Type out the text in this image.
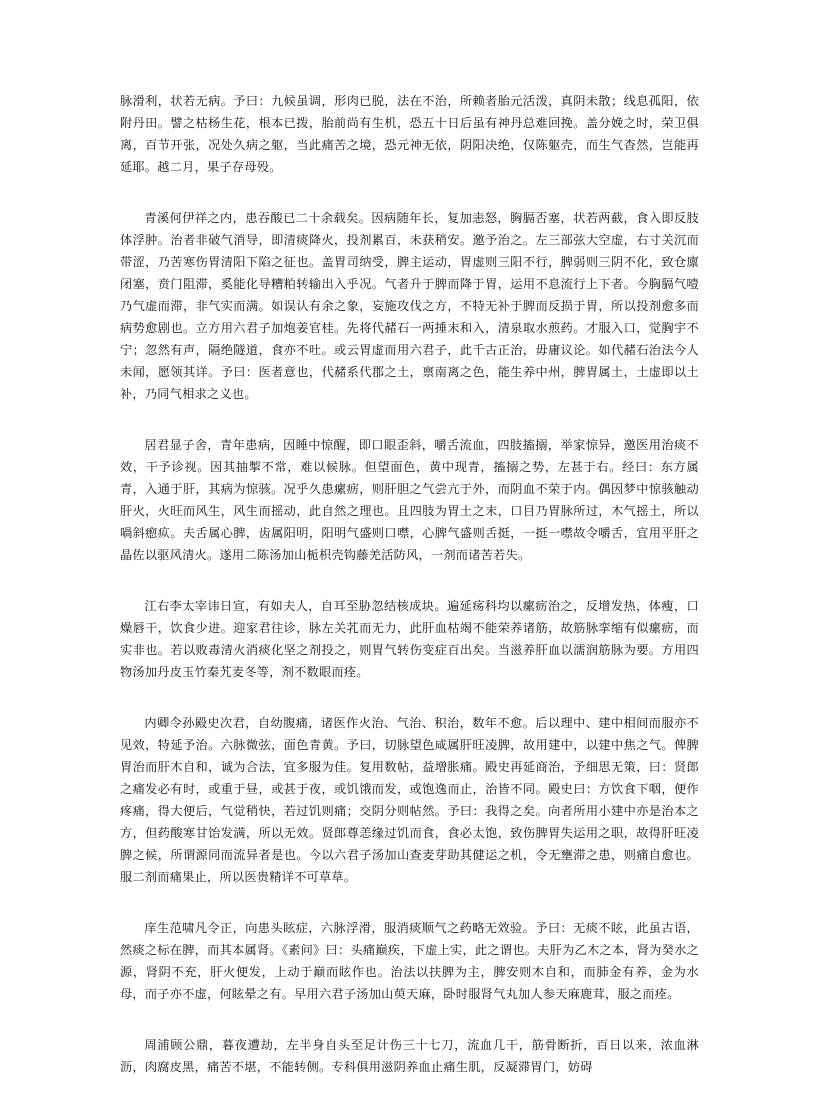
脉滑利，状若无病。予曰：九候虽调，形肉已脱，法在不治，所赖者胎元活泼，真阴未散；线息孤阳，依附丹田。譬之枯杨生花，根本已拨，胎前尚有生机，恐五十日后虽有神丹总难回挽。盖分娩之时，荣卫俱离，百节开张，况处久病之躯，当此痛苦之境，恐元神无依，阴阳决绝，仅陈躯壳，而生气杳然，岂能再延耶。越二月，果子存母殁。

青溪何伊祥之内，患吞酸已二十余载矣。因病随年长，复加恚怒，胸膈否塞，状若两截，食入即反肢体浮肿。治者非破气消导，即清痰降火，投剂累百，未获稍安。邀予治之。左三部弦大空虚，右寸关沉而带涩，乃苦寒伤胃清阳下陷之征也。盖胃司纳受，脾主运动，胃虚则三阳不行，脾弱则三阴不化，致仓廪闭塞，贲门阻滞，奚能化导糟粕转输出入乎况。气者升于脾而降于胃，运用不息流行上下者。今胸膈气噎乃气虚而滞，非气实而满。如误认有余之象，妄施攻伐之方，不特无补于脾而反损于胃，所以投剂愈多而病势愈剧也。立方用六君子加炮姜官桂。先将代赭石一两捶末和入，清泉取水煎药。才服入口，觉胸宇不宁；忽然有声，隔绝隧道，食亦不吐。或云胃虚而用六君子，此千古正治，毋庸议论。如代赭石治法今人未闻，愿领其详。予曰：医者意也，代赭系代郡之土，禀南离之色，能生养中州，脾胃属土，土虚即以土补，乃同气相求之义也。

居君显子舍，青年患病，因睡中惊醒，即口眼歪斜，嚼舌流血，四肢搐搦，举家惊异，邀医用治痰不效，干予诊视。因其抽掣不常，难以候脉。但望面色，黄中现青，搐搦之势，左甚于右。经曰：东方属青，入通于肝，其病为惊骇。况乎久患瘰疬，则肝胆之气尝亢于外，而阴血不荣于内。偶因梦中惊骇触动肝火，火旺而风生，风生而摇动，此自然之理也。且四肢为胃土之末，口目乃胃脉所过，木气摇土，所以喎斜瘛疭。夫舌属心脾，齿属阳明，阳明气盛则口噤，心脾气盛则舌挺，一挺一噤故令嚼舌，宜用平肝之晶佐以驱风清火。遂用二陈汤加山栀枳壳钩藤羌活防风，一剂而诸苦若失。

江右李太宰讳日宣，有如夫人，自耳至胁忽结核成块。遍延疡科均以瘰疬治之，反增发热，体瘦，口燥唇干，饮食少进。迎家君往诊，脉左关芤而无力，此肝血枯竭不能荣养诸筋，故筋脉挛缩有似瘰疬，而实非也。若以败毒清火消痰化坚之剂投之，则胃气转伤变症百出矣。当滋养肝血以濡润筋脉为要。方用四物汤加丹皮玉竹秦艽麦冬等，剂不数眼而痊。

内卿令孙殿史次君，自幼腹痛，诸医作火治、气治、积治，数年不愈。后以理中、建中相间而服亦不见效，特延予治。六脉微弦，面色青黄。予曰，切脉望色咸属肝旺凌脾，故用建中，以建中焦之气。俾脾胃治而肝木自和，诚为合法，宜多服为佳。复用数帖，益增胀痛。殿史再延商治，予细思无策，曰：贤郎之痛发必有时，或重于昼，或甚于夜，或饥饿而发，或饱逸而止，治皆不同。殿史曰：方饮食下咽，便作疼痛，得大便后，气觉稍快，若过饥则痛；交阴分则帖然。予曰：我得之矣。向者所用小建中亦是治本之方，但药酸寒甘饴发满，所以无效。贤郎尊恙缘过饥而食，食必太饱，致伤脾胃失运用之职，故得肝旺凌脾之候，所谓源同而流异者是也。今以六君子汤加山查麦芽助其健运之机，令无壅滞之患，则痛自愈也。服二剂而痛果止，所以医贵精详不可草草。

庠生范啸凡令正，向患头眩症，六脉浮滑，服消痰顺气之药略无效验。予曰：无痰不眩，此虽古语，然痰之标在脾，而其本属肾。《素问》曰：头痛巅疾，下虚上实，此之谓也。夫肝为乙木之本，肾为癸水之源，肾阴不充，肝火便发，上动于巅而眩作也。治法以扶脾为主，脾安则木自和，而肺金有养，金为水母，而子亦不虚，何眩晕之有。早用六君子汤加山萸天麻，卧时服肾气丸加人参天麻鹿茸，服之而痊。

周浦顾公鼎，暮夜遭劫，左半身自头至足计伤三十七刀，流血几干，筋骨断折，百日以来，浓血淋沥，肉腐皮黑，痛苦不堪，不能转侧。专科俱用滋阴养血止痛生肌，反凝滞胃门，妨碍
